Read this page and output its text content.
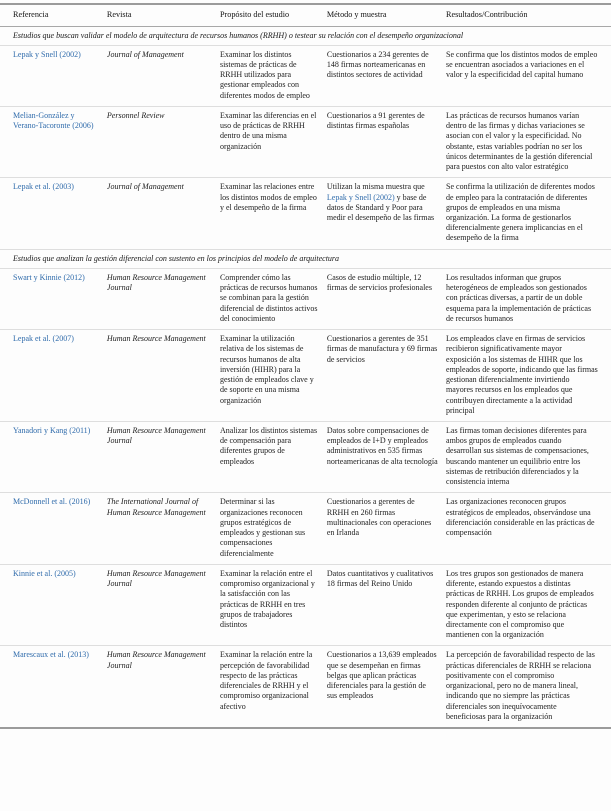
Referencia	Revista	Propósito del estudio	Método y muestra	Resultados/Contribución
Estudios que buscan validar el modelo de arquitectura de recursos humanos (RRHH) o testear su relación con el desempeño organizacional				
Lepak y Snell (2002)	Journal of Management	Examinar los distintos sistemas de prácticas de RRHH utilizados para gestionar empleados con diferentes modos de empleo	Cuestionarios a 234 gerentes de 148 firmas norteamericanas en distintos sectores de actividad	Se confirma que los distintos modos de empleo se encuentran asociados a variaciones en el valor y la especificidad del capital humano
Melian-González y Verano-Tacoronte (2006)	Personnel Review	Examinar las diferencias en el uso de prácticas de RRHH dentro de una misma organización	Cuestionarios a 91 gerentes de distintas firmas españolas	Las prácticas de recursos humanos varían dentro de las firmas y dichas variaciones se asocian con el valor y la especificidad. No obstante, estas variables podrían no ser los únicos determinantes de la gestión diferencial para puestos con alto valor estratégico
Lepak et al. (2003)	Journal of Management	Examinar las relaciones entre los distintos modos de empleo y el desempeño de la firma	Utilizan la misma muestra que Lepak y Snell (2002) y base de datos de Standard y Poor para medir el desempeño de las firmas	Se confirma la utilización de diferentes modos de empleo para la contratación de diferentes grupos de empleados en una misma organización. La forma de gestionarlos diferencialmente genera implicancias en el desempeño de la firma
Estudios que analizan la gestión diferencial con sustento en los principios del modelo de arquitectura				
Swart y Kinnie (2012)	Human Resource Management Journal	Comprender cómo las prácticas de recursos humanos se combinan para la gestión diferencial de distintos activos del conocimiento	Casos de estudio múltiple, 12 firmas de servicios profesionales	Los resultados informan que grupos heterogéneos de empleados son gestionados con prácticas diversas, a partir de un doble esquema para la implementación de prácticas de recursos humanos
Lepak et al. (2007)	Human Resource Management	Examinar la utilización relativa de los sistemas de recursos humanos de alta inversión (HIHR) para la gestión de empleados clave y de soporte en una misma organización	Cuestionarios a gerentes de 351 firmas de manufactura y 69 firmas de servicios	Los empleados clave en firmas de servicios recibieron significativamente mayor exposición a los sistemas de HIHR que los empleados de soporte, indicando que las firmas gestionan diferencialmente invirtiendo mayores recursos en los empleados que contribuyen directamente a la actividad principal
Yanadori y Kang (2011)	Human Resource Management Journal	Analizar los distintos sistemas de compensación para diferentes grupos de empleados	Datos sobre compensaciones de empleados de I+D y empleados administrativos en 535 firmas norteamericanas de alta tecnología	Las firmas toman decisiones diferentes para ambos grupos de empleados cuando desarrollan sus sistemas de compensaciones, buscando mantener un equilibrio entre los sistemas de retribución diferenciados y la consistencia interna
McDonnell et al. (2016)	The International Journal of Human Resource Management	Determinar si las organizaciones reconocen grupos estratégicos de empleados y gestionan sus compensaciones diferencialmente	Cuestionarios a gerentes de RRHH en 260 firmas multinacionales con operaciones en Irlanda	Las organizaciones reconocen grupos estratégicos de empleados, observándose una diferenciación considerable en las prácticas de compensación
Kinnie et al. (2005)	Human Resource Management Journal	Examinar la relación entre el compromiso organizacional y la satisfacción con las prácticas de RRHH en tres grupos de trabajadores distintos	Datos cuantitativos y cualitativos 18 firmas del Reino Unido	Los tres grupos son gestionados de manera diferente, estando expuestos a distintas prácticas de RRHH. Los grupos de empleados responden diferente al conjunto de prácticas que experimentan, y esto se relaciona directamente con el compromiso que mantienen con la organización
Marescaux et al. (2013)	Human Resource Management Journal	Examinar la relación entre la percepción de favorabilidad respecto de las prácticas diferenciales de RRHH y el compromiso organizacional afectivo	Cuestionarios a 13,639 empleados que se desempeñan en firmas belgas que aplican prácticas diferenciales para la gestión de sus empleados	La percepción de favorabilidad respecto de las prácticas diferenciales de RRHH se relaciona positivamente con el compromiso organizacional, pero no de manera lineal, indicando que no siempre las prácticas diferenciales son inequívocamente beneficiosas para la organización
